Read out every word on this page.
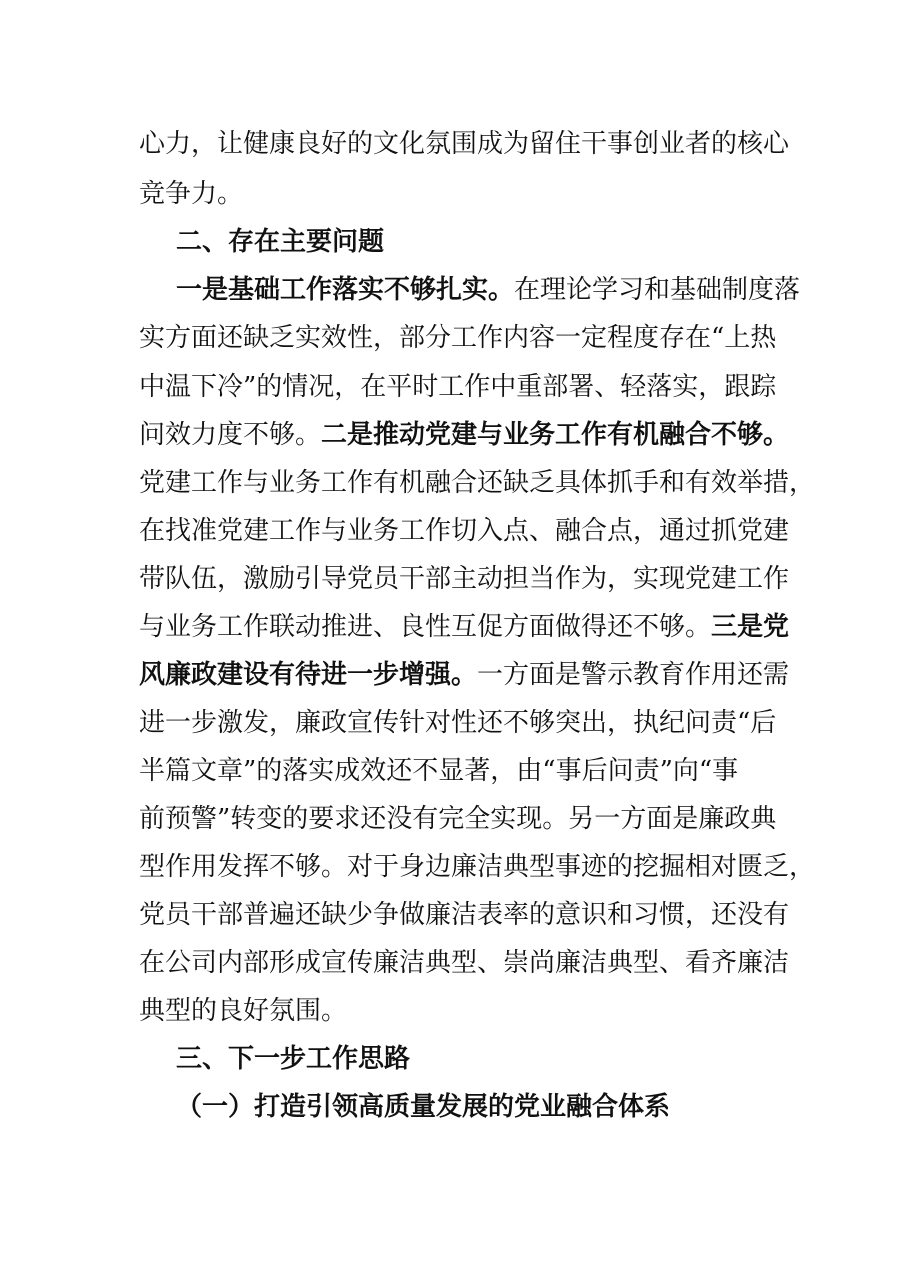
心力，让健康良好的文化氛围成为留住干事创业者的核心
竞争力。
二、存在主要问题
一是基础工作落实不够扎实。在理论学习和基础制度落
实方面还缺乏实效性，部分工作内容一定程度存在“上热
中温下冷”的情况，在平时工作中重部署、轻落实，跟踪
问效力度不够。二是推动党建与业务工作有机融合不够。
党建工作与业务工作有机融合还缺乏具体抓手和有效举措，
在找准党建工作与业务工作切入点、融合点，通过抓党建
带队伍，激励引导党员干部主动担当作为，实现党建工作
与业务工作联动推进、良性互促方面做得还不够。三是党
风廉政建设有待进一步增强。一方面是警示教育作用还需
进一步激发，廉政宣传针对性还不够突出，执纪问责“后
半篇文章”的落实成效还不显著，由“事后问责”向“事
前预警”转变的要求还没有完全实现。另一方面是廉政典
型作用发挥不够。对于身边廉洁典型事迹的挖掘相对匮乏，
党员干部普遍还缺少争做廉洁表率的意识和习惯，还没有
在公司内部形成宣传廉洁典型、崇尚廉洁典型、看齐廉洁
典型的良好氛围。
三、下一步工作思路
（一）打造引领高质量发展的党业融合体系
